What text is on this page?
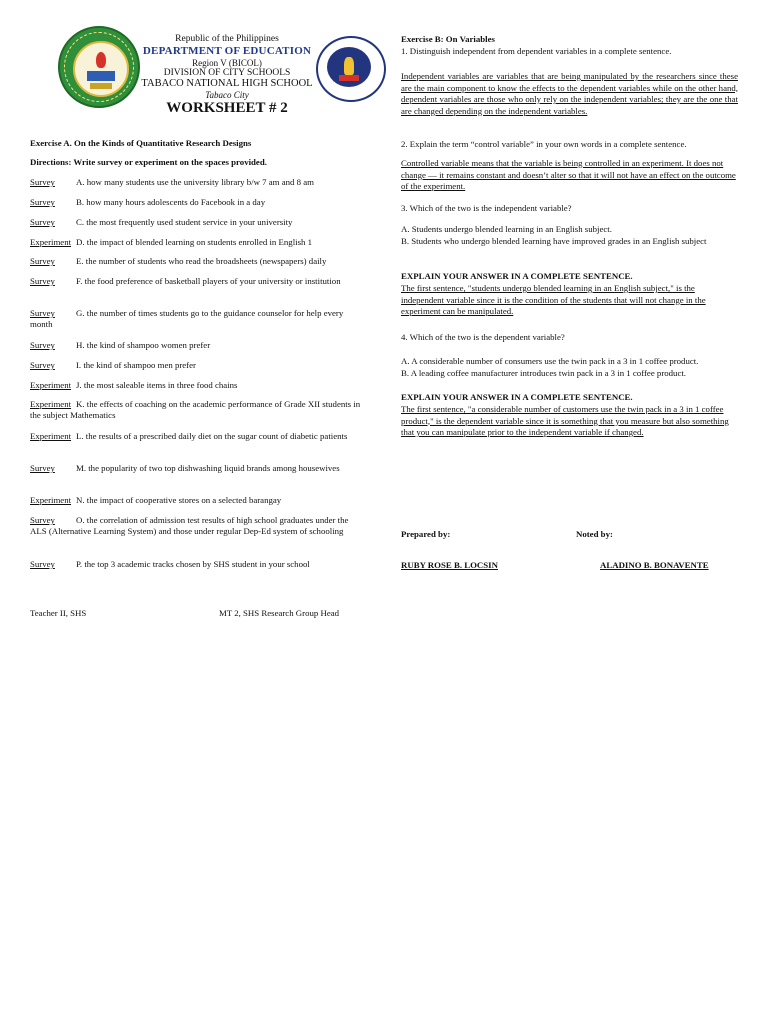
Republic of the Philippines
DEPARTMENT OF EDUCATION
Region V (BICOL)
DIVISION OF CITY SCHOOLS
TABACO NATIONAL HIGH SCHOOL
Tabaco City
WORKSHEET # 2
Exercise A. On the Kinds of Quantitative Research Designs
Directions: Write survey or experiment on the spaces provided.
Survey A. how many students use the university library b/w 7 am and 8 am
Survey B. how many hours adolescents do Facebook in a day
Survey C. the most frequently used student service in your university
Experiment D. the impact of blended learning on students enrolled in English 1
Survey E. the number of students who read the broadsheets (newspapers) daily
Survey F. the food preference of basketball players of your university or institution
Survey G. the number of times students go to the guidance counselor for help every month
Survey H. the kind of shampoo women prefer
Survey I. the kind of shampoo men prefer
Experiment J. the most saleable items in three food chains
Experiment K. the effects of coaching on the academic performance of Grade XII students in the subject Mathematics
Experiment L. the results of a prescribed daily diet on the sugar count of diabetic patients
Survey M. the popularity of two top dishwashing liquid brands among housewives
Experiment N. the impact of cooperative stores on a selected barangay
Survey O. the correlation of admission test results of high school graduates under the ALS (Alternative Learning System) and those under regular Dep-Ed system of schooling
Survey P. the top 3 academic tracks chosen by SHS student in your school
Teacher II, SHS	MT 2, SHS Research Group Head
Exercise B: On Variables
1. Distinguish independent from dependent variables in a complete sentence.
Independent variables are variables that are being manipulated by the researchers since these are the main component to know the effects to the dependent variables while on the other hand, dependent variables are those who only rely on the independent variables; they are the one that are changed depending on the independent variables.
2. Explain the term “control variable” in your own words in a complete sentence.
Controlled variable means that the variable is being controlled in an experiment. It does not change — it remains constant and doesn’t alter so that it will not have an effect on the outcome of the experiment.
3. Which of the two is the independent variable?
A. Students undergo blended learning in an English subject.
B. Students who undergo blended learning have improved grades in an English subject
EXPLAIN YOUR ANSWER IN A COMPLETE SENTENCE.
The first sentence, "students undergo blended learning in an English subject," is the independent variable since it is the condition of the students that will not change in the experiment can be manipulated.
4. Which of the two is the dependent variable?
A. A considerable number of consumers use the twin pack in a 3 in 1 coffee product.
B. A leading coffee manufacturer introduces twin pack in a 3 in 1 coffee product.
EXPLAIN YOUR ANSWER IN A COMPLETE SENTENCE.
The first sentence, "a considerable number of customers use the twin pack in a 3 in 1 coffee product," is the dependent variable since it is something that you measure but also something that you can manipulate prior to the independent variable if changed.
Prepared by:	Noted by:
RUBY ROSE B. LOCSIN	ALADINO B. BONAVENTE
